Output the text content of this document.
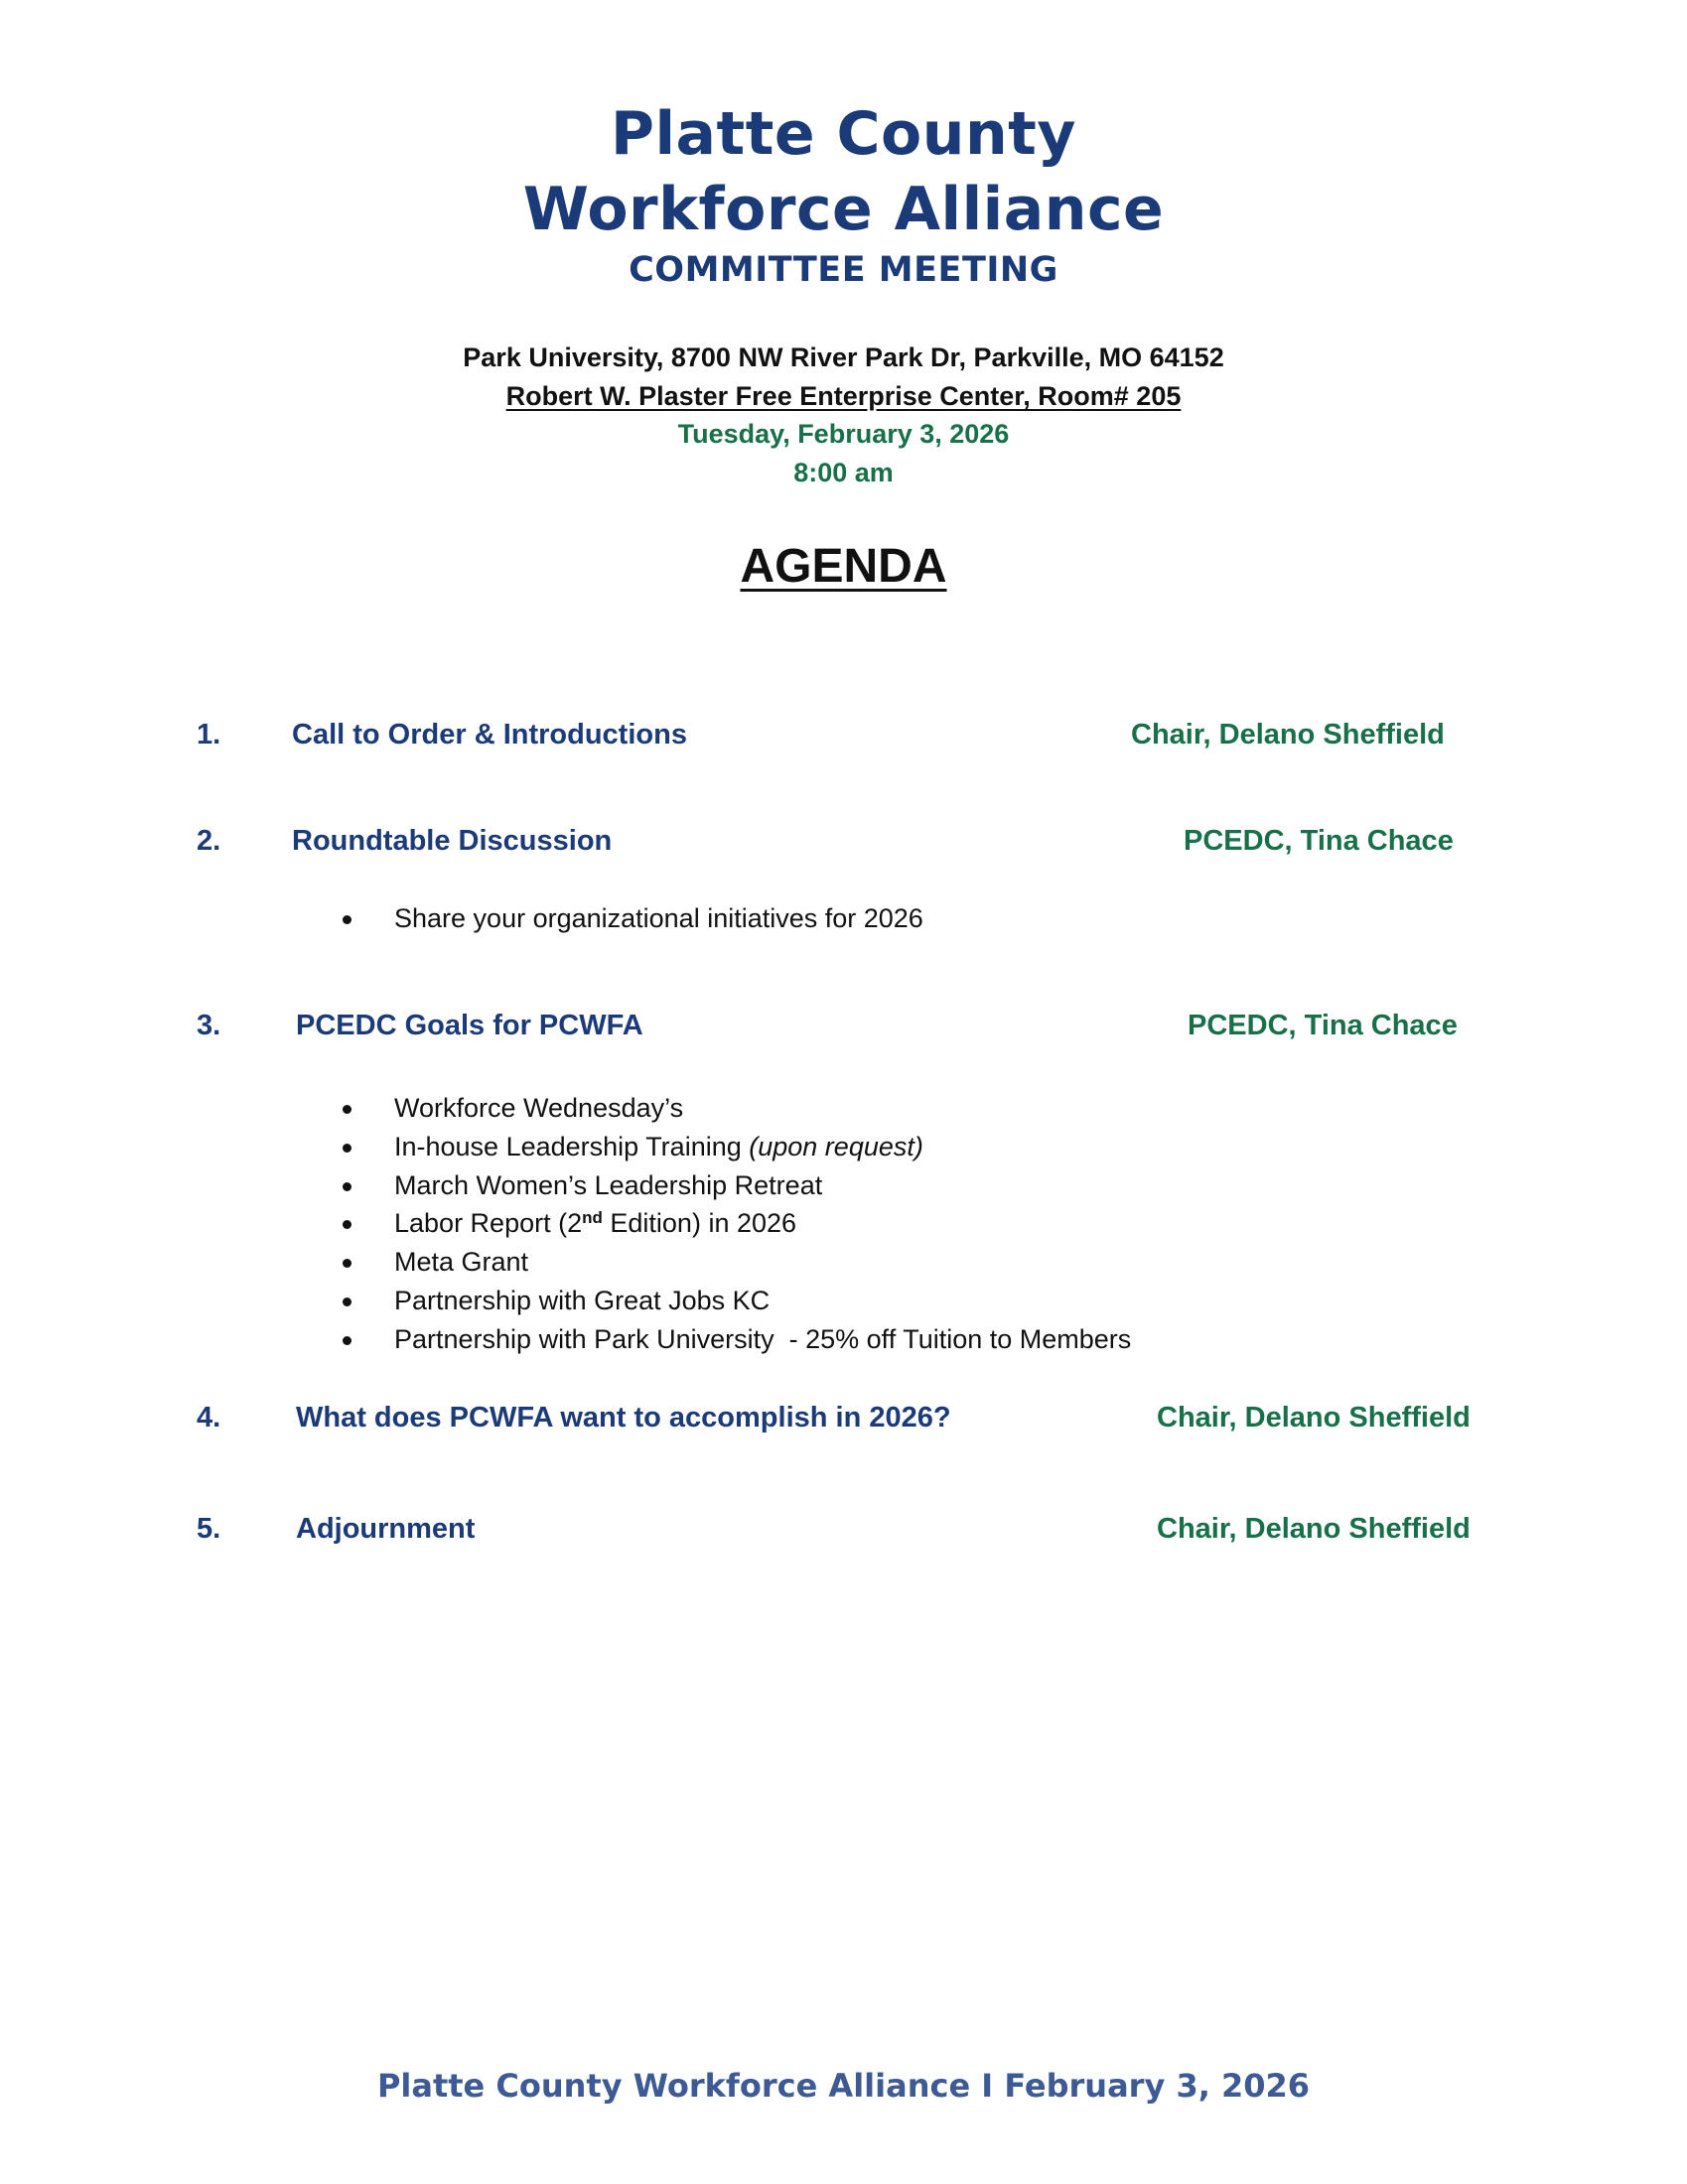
Platte County
Workforce Alliance
COMMITTEE MEETING
Park University, 8700 NW River Park Dr, Parkville, MO 64152
Robert W. Plaster Free Enterprise Center, Room# 205
Tuesday, February 3, 2026
8:00 am
AGENDA
1. Call to Order & Introductions	Chair, Delano Sheffield
2. Roundtable Discussion	PCEDC, Tina Chace
Share your organizational initiatives for 2026
3.	PCEDC Goals for PCWFA	PCEDC, Tina Chace
Workforce Wednesday’s
In-house Leadership Training (upon request)
March Women’s Leadership Retreat
Labor Report (2nd Edition) in 2026
Meta Grant
Partnership with Great Jobs KC
Partnership with Park University  - 25% off Tuition to Members
4.	What does PCWFA want to accomplish in 2026?	Chair, Delano Sheffield
5.	Adjournment	Chair, Delano Sheffield
Platte County Workforce Alliance I February 3, 2026
